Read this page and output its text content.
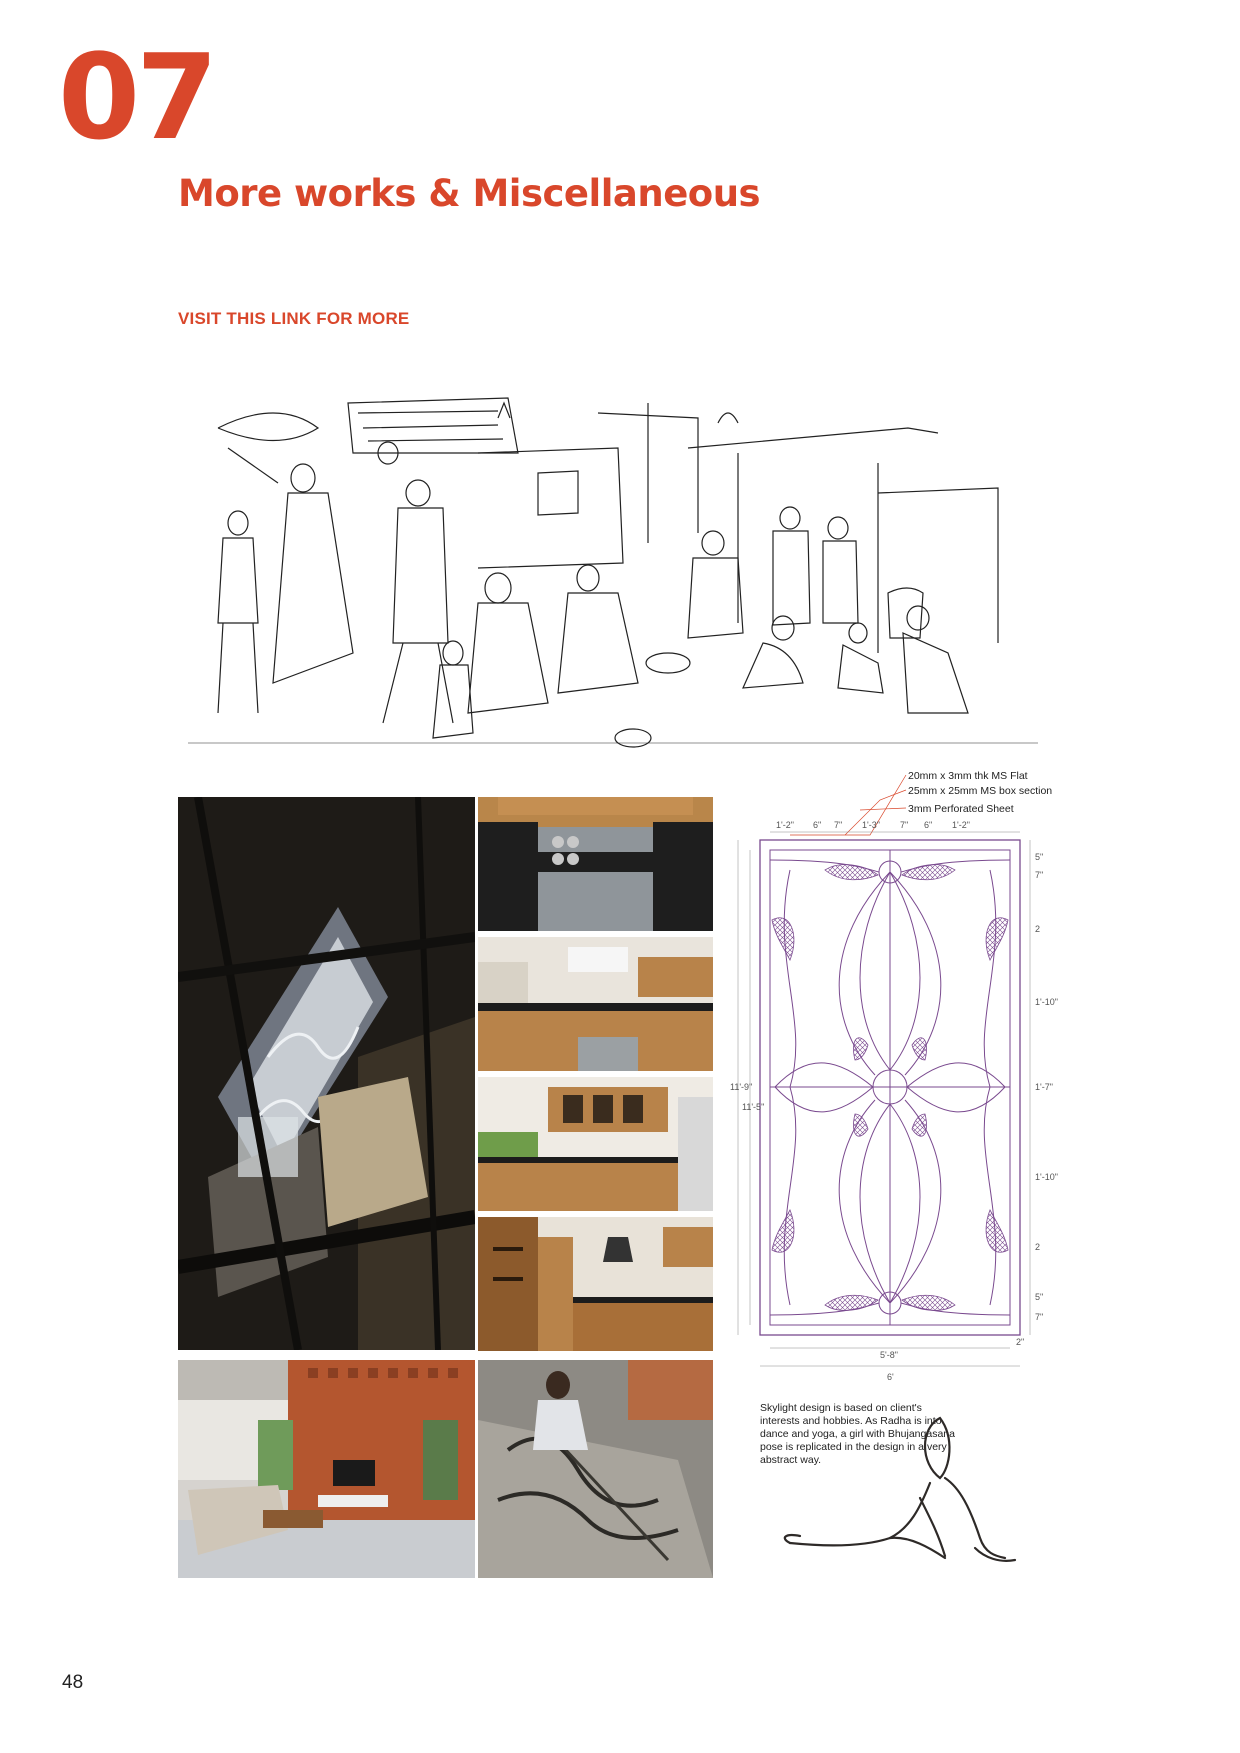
07
More works & Miscellaneous
VISIT THIS LINK FOR MORE
20mm x 3mm thk MS Flat
25mm x 25mm MS box section
3mm Perforated Sheet
1'-2" 6" 7" 1'-3" 7" 6" 1'-2"
5"
7"
2
1'-10"
1'-7"
1'-10"
2
5"
7"
11'-9"
11'-5"
5'-8"
6'
2"
Skylight design is based on client's interests and hobbies. As Radha is into dance and yoga, a girl with Bhujangasana pose is replicated in the design in a very abstract way.
48
